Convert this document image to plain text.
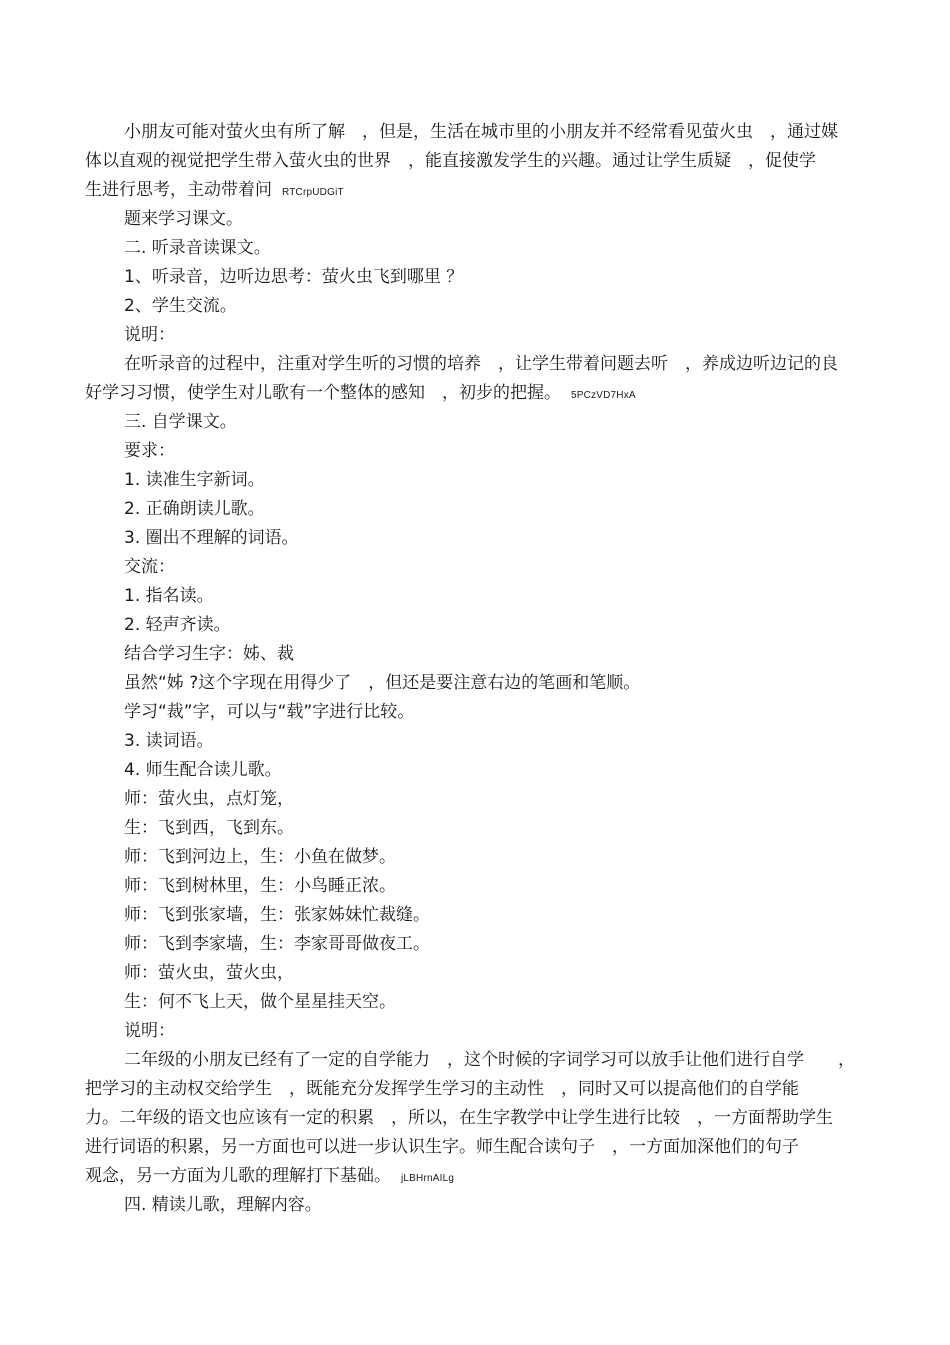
小朋友可能对萤火虫有所了解　，但是，生活在城市里的小朋友并不经常看见萤火虫　，通过媒
体以直观的视觉把学生带入萤火虫的世界　，能直接激发学生的兴趣。通过让学生质疑　，促使学
生进行思考，主动带着问 RTCrpUDGiT
题来学习课文。
二. 听录音读课文。
1、听录音，边听边思考：萤火虫飞到哪里 ？
2、学生交流。
说明：
在听录音的过程中，注重对学生听的习惯的培养　，让学生带着问题去听　，养成边听边记的良
好学习习惯，使学生对儿歌有一个整体的感知　，初步的把握。 5PCzVD7HxA
三. 自学课文。
要求：
1. 读准生字新词。
2. 正确朗读儿歌。
3. 圈出不理解的词语。
交流：
1. 指名读。
2. 轻声齐读。
结合学习生字：姊、裁
虽然“姊 ?这个字现在用得少了　，但还是要注意右边的笔画和笔顺。
学习“裁”字，可以与“载”字进行比较。
3. 读词语。
4. 师生配合读儿歌。
师：萤火虫，点灯笼，
生：飞到西，飞到东。
师：飞到河边上，生：小鱼在做梦。
师：飞到树林里，生：小鸟睡正浓。
师：飞到张家墙，生：张家姊妹忙裁缝。
师：飞到李家墙，生：李家哥哥做夜工。
师：萤火虫，萤火虫，
生：何不飞上天，做个星星挂天空。
说明：
二年级的小朋友已经有了一定的自学能力　，这个时候的字词学习可以放手让他们进行自学　　，
把学习的主动权交给学生　，既能充分发挥学生学习的主动性　，同时又可以提高他们的自学能
力。二年级的语文也应该有一定的积累　，所以，在生字教学中让学生进行比较　，一方面帮助学生
进行词语的积累，另一方面也可以进一步认识生字。师生配合读句子　，一方面加深他们的句子
观念，另一方面为儿歌的理解打下基础。 jLBHrnAILg
四. 精读儿歌，理解内容。
